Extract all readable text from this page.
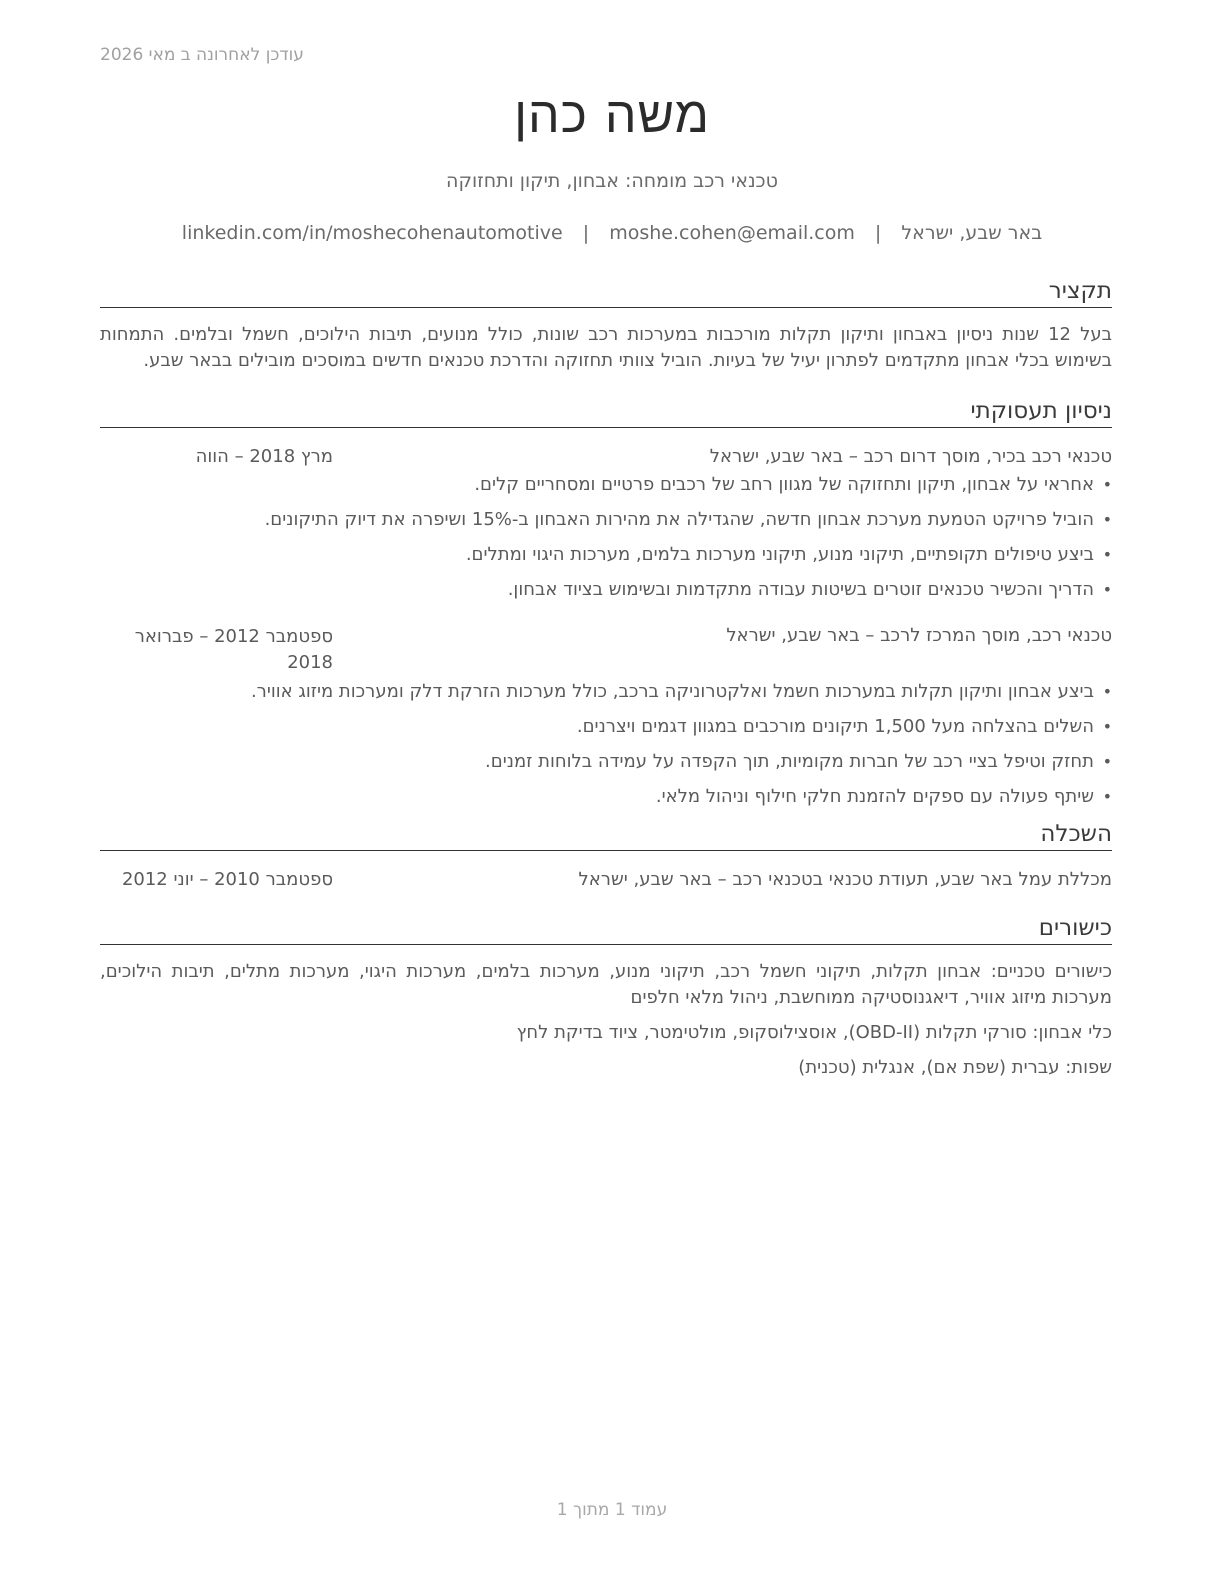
עודכן לאחרונה ב מאי 2026
משה כהן
טכנאי רכב מומחה: אבחון, תיקון ותחזוקה
באר שבע, ישראל | moshe.cohen@email.com | linkedin.com/in/moshecohenautomotive
תקציר

בעל 12 שנות ניסיון באבחון ותיקון תקלות מורכבות במערכות רכב שונות, כולל מנועים, תיבות הילוכים, חשמל ובלמים. התמחות בשימוש בכלי אבחון מתקדמים לפתרון יעיל של בעיות. הוביל צוותי תחזוקה והדרכת טכנאים חדשים במוסכים מובילים בבאר שבע.

ניסיון תעסוקתי
טכנאי רכב בכיר, מוסך דרום רכב – באר שבע, ישראל
מרץ 2018 – הווה
• אחראי על אבחון, תיקון ותחזוקה של מגוון רחב של רכבים פרטיים ומסחריים קלים.
• הוביל פרויקט הטמעת מערכת אבחון חדשה, שהגדילה את מהירות האבחון ב-15% ושיפרה את דיוק התיקונים.
• ביצע טיפולים תקופתיים, תיקוני מנוע, תיקוני מערכות בלמים, מערכות היגוי ומתלים.
• הדריך והכשיר טכנאים זוטרים בשיטות עבודה מתקדמות ובשימוש בציוד אבחון.
טכנאי רכב, מוסך המרכז לרכב – באר שבע, ישראל
ספטמבר 2012 – פברואר 2018
• ביצע אבחון ותיקון תקלות במערכות חשמל ואלקטרוניקה ברכב, כולל מערכות הזרקת דלק ומערכות מיזוג אוויר.
• השלים בהצלחה מעל 1,500 תיקונים מורכבים במגוון דגמים ויצרנים.
• תחזק וטיפל בציי רכב של חברות מקומיות, תוך הקפדה על עמידה בלוחות זמנים.
• שיתף פעולה עם ספקים להזמנת חלקי חילוף וניהול מלאי.
השכלה
מכללת עמל באר שבע, תעודת טכנאי בטכנאי רכב – באר שבע, ישראל
ספטמבר 2010 – יוני 2012
כישורים

כישורים טכניים: אבחון תקלות, תיקוני חשמל רכב, תיקוני מנוע, מערכות בלמים, מערכות היגוי, מערכות מתלים, תיבות הילוכים, מערכות מיזוג אוויר, דיאגנוסטיקה ממוחשבת, ניהול מלאי חלפים

כלי אבחון: סורקי תקלות (OBD-II), אוסצילוסקופ, מולטימטר, ציוד בדיקת לחץ

שפות: עברית (שפת אם), אנגלית (טכנית)

עמוד 1 מתוך 1
